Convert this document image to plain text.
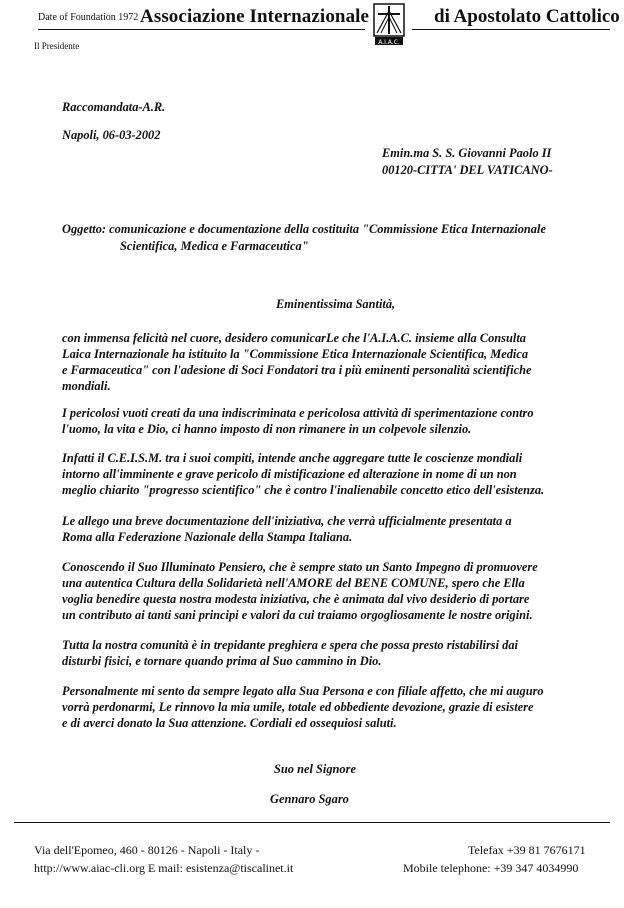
Date of Foundation 1972 Associazione Internazionale
A.I.A.C.
di Apostolato Cattolico
Il Presidente
Raccomandata-A.R.
Napoli, 06-03-2002
Emin.ma S. S. Giovanni Paolo II
00120-CITTA' DEL VATICANO-
Oggetto: comunicazione e documentazione della costituita "Commissione Etica Internazionale
Scientifica, Medica e Farmaceutica"
Eminentissima Santità,
con immensa felicità nel cuore, desidero comunicarLe che l'A.I.A.C. insieme alla Consulta
Laica Internazionale ha istituito la "Commissione Etica Internazionale Scientifica, Medica
e Farmaceutica" con l'adesione di Soci Fondatori tra i più eminenti personalità scientifiche
mondiali.
I pericolosi vuoti creati da una indiscriminata e pericolosa attività di sperimentazione contro
l'uomo, la vita e Dio, ci hanno imposto di non rimanere in un colpevole silenzio.
Infatti il C.E.I.S.M. tra i suoi compiti, intende anche aggregare tutte le coscienze mondiali
intorno all'imminente e grave pericolo di mistificazione ed alterazione in nome di un non
meglio chiarito "progresso scientifico" che è contro l'inalienabile concetto etico dell'esistenza.
Le allego una breve documentazione dell'iniziativa, che verrà ufficialmente presentata a
Roma alla Federazione Nazionale della Stampa Italiana.
Conoscendo il Suo Illuminato Pensiero, che è sempre stato un Santo Impegno di promuovere
una autentica Cultura della Solidarietà nell'AMORE del BENE COMUNE, spero che Ella
voglia benedire questa nostra modesta iniziativa, che è animata dal vivo desiderio di portare
un contributo ai tanti sani principi e valori da cui traiamo orgogliosamente le nostre origini.
Tutta la nostra comunità è in trepidante preghiera e spera che possa presto ristabilirsi dai
disturbi fisici, e tornare quando prima al Suo cammino in Dio.
Personalmente mi sento da sempre legato alla Sua Persona e con filiale affetto, che mi auguro
vorrà perdonarmi, Le rinnovo la mia umile, totale ed obbediente devozione, grazie di esistere
e di averci donato la Sua attenzione. Cordiali ed ossequiosi saluti.
Suo nel Signore
Gennaro Sgaro
Via dell'Epomeo, 460 - 80126 - Napoli - Italy -
http://www.aiac-cli.org E mail: esistenza@tiscalinet.it
Telefax +39 81 7676171
Mobile telephone: +39 347 4034990
